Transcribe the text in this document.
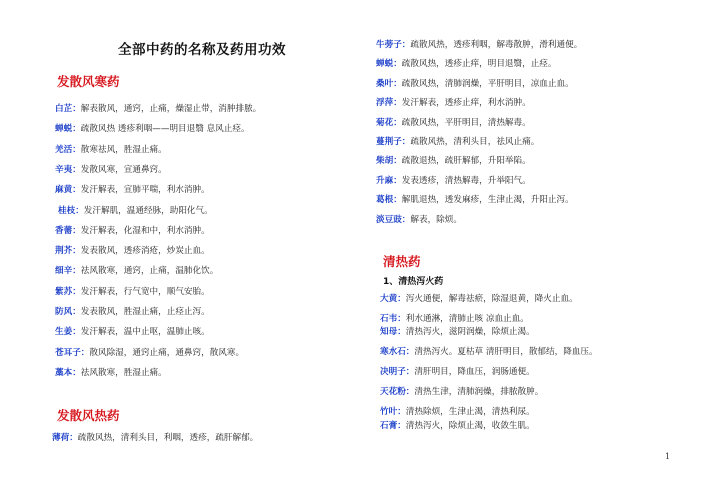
全部中药的名称及药用功效
发散风寒药
白芷：解表散风，通窍，止痛，燥湿止带，消肿排脓。
蝉蜕：疏散风热 透疹利咽——明目退翳 息风止痉。
羌活：散寒祛风，胜湿止痛。
辛夷：发散风寒，宣通鼻窍。
麻黄：发汗解表，宣肺平喘，利水消肿。
桂枝：发汗解肌，温通经脉，助阳化气。
香薷：发汗解表，化湿和中，利水消肿。
荆芥：发表散风，透疹消疮，炒炭止血。
细辛：祛风散寒，通窍，止痛，温肺化饮。
紫苏：发汗解表，行气宽中，顺气安胎。
防风：发表散风，胜湿止痛，止痉止泻。
生姜：发汗解表，温中止呕，温肺止咳。
苍耳子：散风除湿，通窍止痛，通鼻窍，散风寒。
藁本：祛风散寒，胜湿止痛。
发散风热药
薄荷：疏散风热，清利头目，利咽，透疹，疏肝解郁。
牛蒡子：疏散风热，透疹利咽，解毒散肿，滑利通便。
蝉蜕：疏散风热，透疹止痒，明目退翳，止痉。
桑叶：疏散风热，清肺润燥，平肝明目，凉血止血。
浮萍：发汗解表，透疹止痒，利水消肿。
菊花：疏散风热，平肝明目，清热解毒。
蔓荆子：疏散风热，清利头目，祛风止痛。
柴胡：疏散退热，疏肝解郁，升阳举陷。
升麻：发表透疹，清热解毒，升举阳气。
葛根：解肌退热，透发麻疹，生津止渴，升阳止泻。
淡豆豉：解表，除烦。
清热药
1、清热泻火药
大黄：泻火通便，解毒祛瘀，除湿退黄，降火止血。
石韦：利水通淋，清肺止咳 凉血止血。
知母：清热泻火，滋阴润燥，除烦止渴。
寒水石：清热泻火。夏枯草 清肝明目，散郁结，降血压。
决明子：清肝明目，降血压，润肠通便。
天花粉：清热生津，清肺润燥，排脓散肿。
竹叶：清热除烦，生津止渴，清热利尿。
石膏：清热泻火，除烦止渴，收敛生肌。
1
